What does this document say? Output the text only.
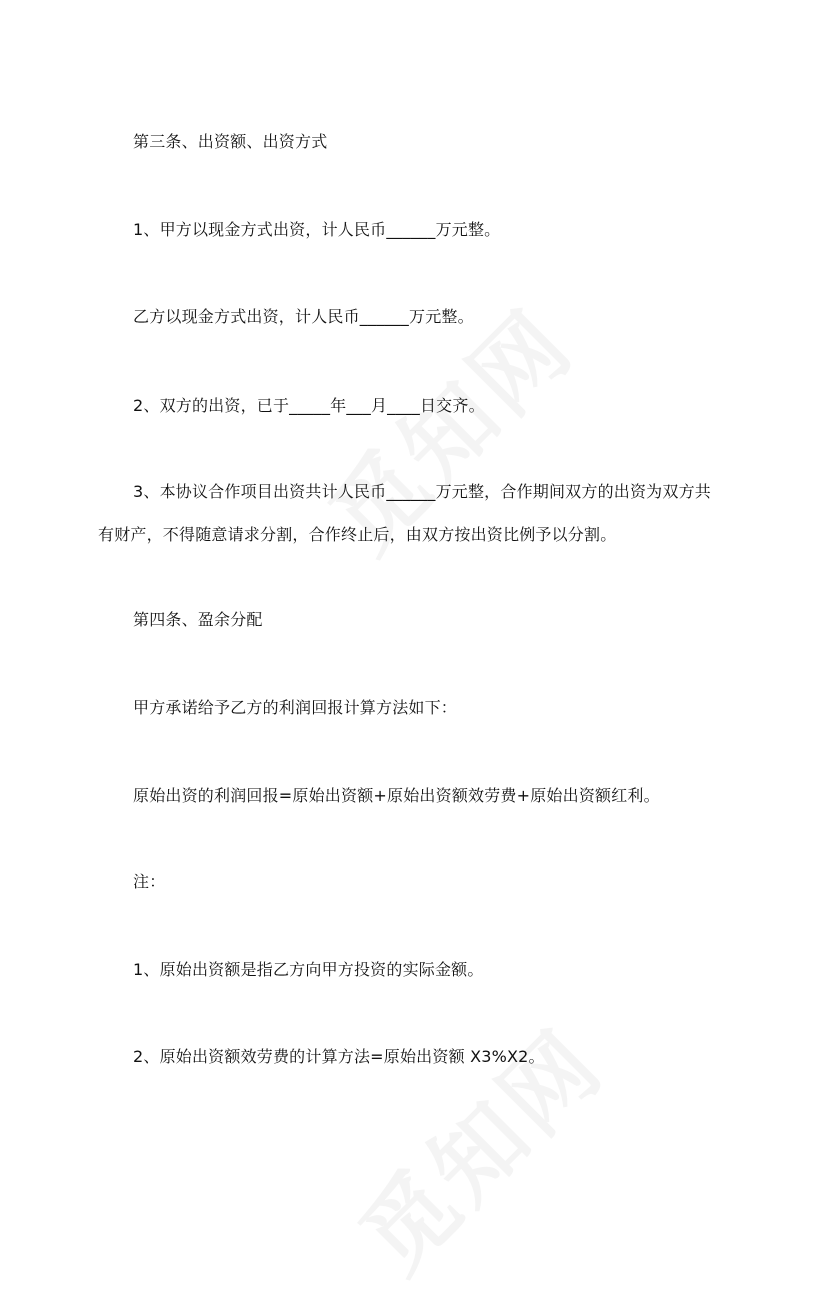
第三条、出资额、出资方式
1、甲方以现金方式出资，计人民币______万元整。
乙方以现金方式出资，计人民币______万元整。
2、双方的出资，已于_____年___月____日交齐。
3、本协议合作项目出资共计人民币______万元整，合作期间双方的出资为双方共
有财产，不得随意请求分割，合作终止后，由双方按出资比例予以分割。
第四条、盈余分配
甲方承诺给予乙方的利润回报计算方法如下：
原始出资的利润回报=原始出资额+原始出资额效劳费+原始出资额红利。
注：
1、原始出资额是指乙方向甲方投资的实际金额。
2、原始出资额效劳费的计算方法=原始出资额 X3%X2。
